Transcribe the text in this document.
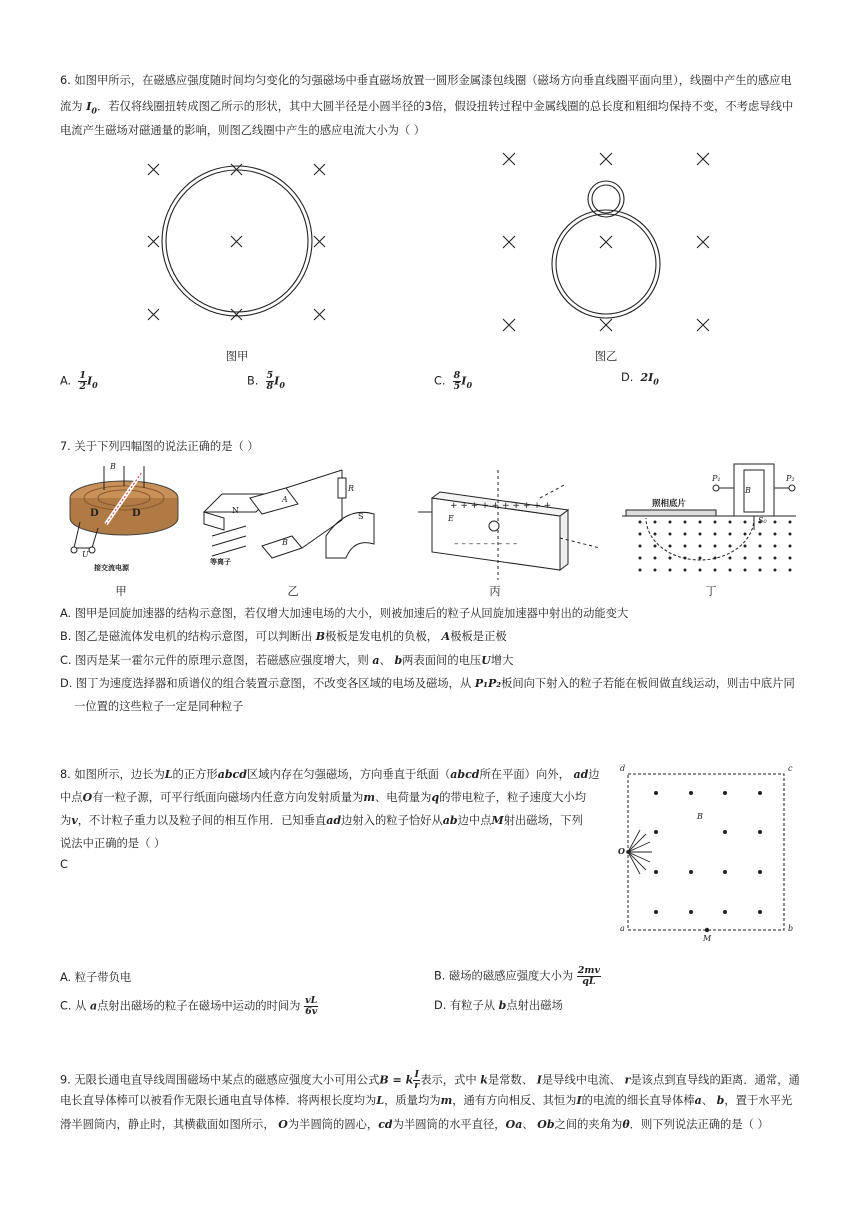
6. 如图甲所示，在磁感应强度随时间均匀变化的匀强磁场中垂直磁场放置一圆形金属漆包线圈（磁场方向垂直线圈平面向里），线圈中产生的感应电
流为 $I_0$．若仅将线圈扭转成图乙所示的形状，其中大圆半径是小圆半径的3倍，假设扭转过程中金属线圈的总长度和粗细均保持不变，不考虑导线中
电流产生磁场对磁通量的影响，则图乙线圈中产生的感应电流大小为（ ）
图甲	图乙
A. $\frac{1}{2} I_0$	B. $\frac{5}{8} I_0$	C. $\frac{8}{5} I_0$
D. $2I_0$
7. 关于下列四幅图的说法正确的是（ ）
+ + + + + + + + + +
– – – – – – – – –
B
D	D
U
接交流电源
N
S
A
B
R
等离子
E
照相底片
P₁	P₂
S₀
B
甲	乙	丙	丁
A. 图甲是回旋加速器的结构示意图，若仅增大加速电场的大小，则被加速后的粒子从回旋加速器中射出的动能变大
B. 图乙是磁流体发电机的结构示意图，可以判断出 B极板是发电机的负极， A极板是正极
C. 图丙是某一霍尔元件的原理示意图，若磁感应强度增大，则 a、 b两表面间的电压U增大
D. 图丁为速度选择器和质谱仪的组合装置示意图，不改变各区域的电场及磁场，从 P₁P₂板间向下射入的粒子若能在板间做直线运动，则击中底片同
一位置的这些粒子一定是同种粒子
8. 如图所示，边长为L的正方形abcd区域内存在匀强磁场，方向垂直于纸面（abcd所在平面）向外， ad边
中点O有一粒子源，可平行纸面向磁场内任意方向发射质量为m、电荷量为q的带电粒子，粒子速度大小均
为v，不计粒子重力以及粒子间的相互作用．已知垂直ad边射入的粒子恰好从ab边中点M射出磁场，下列
说法中正确的是（ ）
C
d	c
a	b
B
O
M
A. 粒子带负电	B. 磁场的磁感应强度大小为 $\frac{2mv}{qL}$
C. 从 a点射出磁场的粒子在磁场中运动的时间为 $\frac{vL}{6v}$	D. 有粒子从 b点射出磁场
9. 无限长通电直导线周围磁场中某点的磁感应强度大小可用公式B = k $\frac{I}{r}$ 表示，式中 k是常数、 I是导线中电流、 r是该点到直导线的距离．通常，通
电长直导体棒可以被看作无限长通电直导体棒．将两根长度均为L，质量均为m，通有方向相反、其恒为I的电流的细长直导体棒a、 b，置于水平光
滑半圆筒内，静止时，其横截面如图所示， O为半圆筒的圆心，cd为半圆筒的水平直径，Oa、 Ob之间的夹角为θ．则下列说法正确的是（ ）
